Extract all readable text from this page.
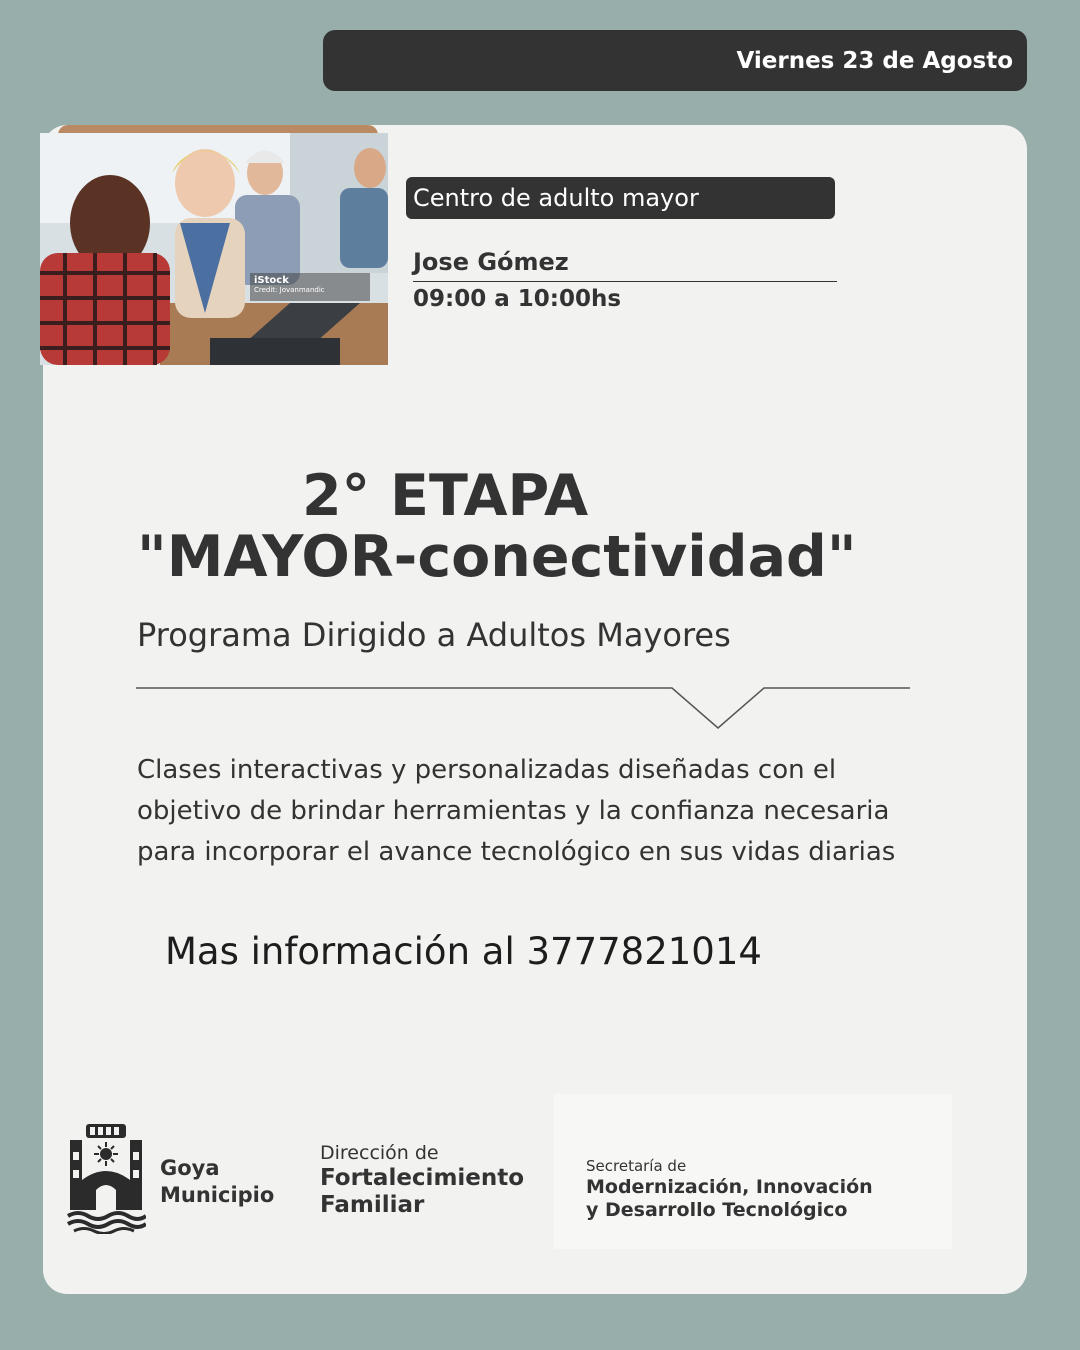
Viernes 23 de Agosto
iStock
Credit: Jovanmandic
Centro de adulto mayor
Jose Gómez
09:00 a 10:00hs
2° ETAPA
"MAYOR-conectividad"
Programa Dirigido a Adultos Mayores
Clases interactivas y personalizadas diseñadas con el
objetivo de brindar herramientas y la confianza necesaria
para incorporar el avance tecnológico en sus vidas diarias
Mas información al 3777821014
Goya
Municipio
Dirección de
Fortalecimiento
Familiar
Secretaría de
Modernización, Innovación
y Desarrollo Tecnológico
